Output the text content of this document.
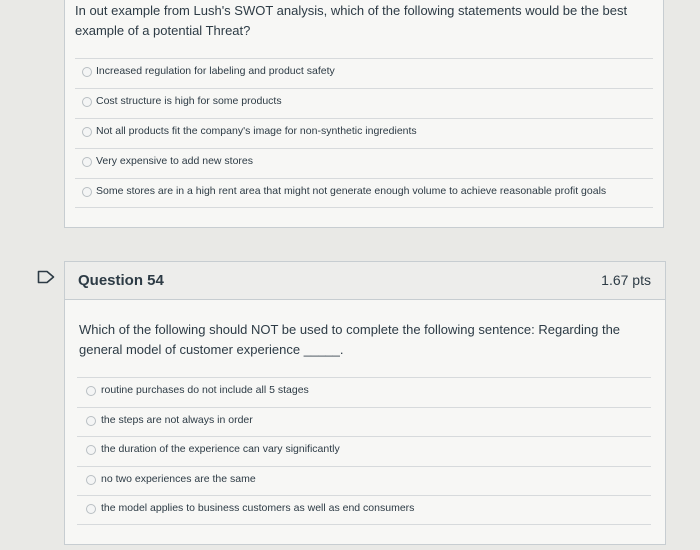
In out example from Lush's SWOT analysis, which of the following statements would be the best example of a potential Threat?
Increased regulation for labeling and product safety
Cost structure is high for some products
Not all products fit the company's image for non-synthetic ingredients
Very expensive to add new stores
Some stores are in a high rent area that might not generate enough volume to achieve reasonable profit goals
Question 54	1.67 pts
Which of the following should NOT be used to complete the following sentence: Regarding the general model of customer experience _____.
routine purchases do not include all 5 stages
the steps are not always in order
the duration of the experience can vary significantly
no two experiences are the same
the model applies to business customers as well as end consumers
